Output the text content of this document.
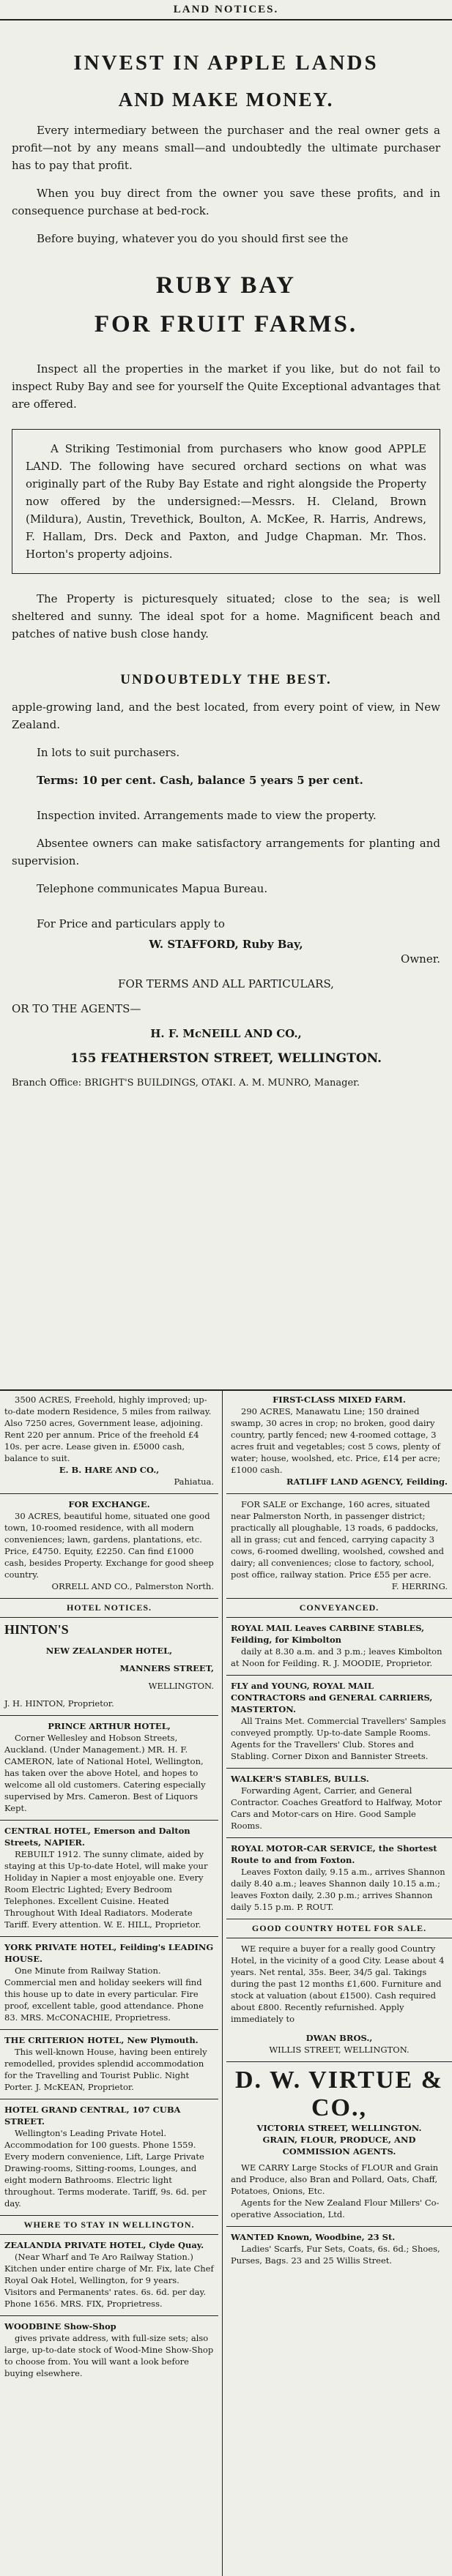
LAND NOTICES.
INVEST IN APPLE LANDS
AND MAKE MONEY.

Every intermediary between the purchaser and the real owner gets a profit—not by any means small—and undoubtedly the ultimate purchaser has to pay that profit.

When you buy direct from the owner you save these profits, and in consequence purchase at bed-rock.

Before buying, whatever you do you should first see the

RUBY BAY
FOR FRUIT FARMS.

Inspect all the properties in the market if you like, but do not fail to inspect Ruby Bay and see for yourself the Quite Exceptional advantages that are offered.

A Striking Testimonial from purchasers who know good APPLE LAND. The following have secured orchard sections on what was originally part of the Ruby Bay Estate and right alongside the Property now offered by the undersigned:—Messrs. H. Cleland, Brown (Mildura), Austin, Trevethick, Boulton, A. McKee, R. Harris, Andrews, F. Hallam, Drs. Deck and Paxton, and Judge Chapman. Mr. Thos. Horton's property adjoins.

The Property is picturesquely situated; close to the sea; is well sheltered and sunny. The ideal spot for a home. Magnificent beach and patches of native bush close handy.

UNDOUBTEDLY THE BEST.

apple-growing land, and the best located, from every point of view, in New Zealand.

In lots to suit purchasers.

Terms: 10 per cent. Cash, balance 5 years 5 per cent.

Inspection invited. Arrangements made to view the property.

Absentee owners can make satisfactory arrangements for planting and supervision.

Telephone communicates Mapua Bureau.

For Price and particulars apply to

W. STAFFORD, Ruby Bay,
Owner.
FOR TERMS AND ALL PARTICULARS,
OR TO THE AGENTS—
H. F. McNEILL AND CO.,
155 FEATHERSTON STREET, WELLINGTON.
Branch Office: BRIGHT'S BUILDINGS, OTAKI. A. M. MUNRO, Manager.
3500 ACRES, Freehold, highly improved; up-to-date modern Residence, 5 miles from railway. Also 7250 acres, Government lease, adjoining. Rent 220 per annum. Price of the freehold £4 10s. per acre. Lease given in. £5000 cash, balance to suit.
E. B. HARE AND CO.,
Pahiatua.
FOR EXCHANGE.
30 ACRES, beautiful home, situated one good town, 10-roomed residence, with all modern conveniences; lawn, gardens, plantations, etc. Price, £4750. Equity, £2250. Can find £1000 cash, besides Property. Exchange for good sheep country.
ORRELL AND CO., Palmerston North.
HOTEL NOTICES.
HINTON'S
NEW ZEALANDER HOTEL,
MANNERS STREET,
WELLINGTON.
J. H. HINTON, Proprietor.
PRINCE ARTHUR HOTEL,
Corner Wellesley and Hobson Streets, Auckland. (Under Management.) MR. H. F. CAMERON, late of National Hotel, Wellington, has taken over the above Hotel, and hopes to welcome all old customers. Catering especially supervised by Mrs. Cameron. Best of Liquors Kept.
CENTRAL HOTEL, Emerson and Dalton Streets, NAPIER.
REBUILT 1912. The sunny climate, aided by staying at this Up-to-date Hotel, will make your Holiday in Napier a most enjoyable one. Every Room Electric Lighted; Every Bedroom Telephones. Excellent Cuisine. Heated Throughout With Ideal Radiators. Moderate Tariff. Every attention. W. E. HILL, Proprietor.
YORK PRIVATE HOTEL, Feilding's LEADING HOUSE.
One Minute from Railway Station. Commercial men and holiday seekers will find this house up to date in every particular. Fire proof, excellent table, good attendance. Phone 83. MRS. McCONACHIE, Proprietress.
THE CRITERION HOTEL, New Plymouth.
This well-known House, having been entirely remodelled, provides splendid accommodation for the Travelling and Tourist Public. Night Porter. J. McKEAN, Proprietor.
HOTEL GRAND CENTRAL, 107 CUBA STREET.
Wellington's Leading Private Hotel. Accommodation for 100 guests. Phone 1559. Every modern convenience, Lift, Large Private Drawing-rooms, Sitting-rooms, Lounges, and eight modern Bathrooms. Electric light throughout. Terms moderate. Tariff, 9s. 6d. per day.
WHERE TO STAY IN WELLINGTON.
ZEALANDIA PRIVATE HOTEL, Clyde Quay.
(Near Wharf and Te Aro Railway Station.) Kitchen under entire charge of Mr. Fix, late Chef Royal Oak Hotel, Wellington, for 9 years. Visitors and Permanents' rates. 6s. 6d. per day. Phone 1656. MRS. FIX, Proprietress.
WOODBINE Show-Shop
gives private address, with full-size sets; also large, up-to-date stock of Wood-Mine Show-Shop to choose from. You will want a look before buying elsewhere.
FIRST-CLASS MIXED FARM.
290 ACRES, Manawatu Line; 150 drained swamp, 30 acres in crop; no broken, good dairy country, partly fenced; new 4-roomed cottage, 3 acres fruit and vegetables; cost 5 cows, plenty of water; house, woolshed, etc. Price, £14 per acre; £1000 cash.
RATLIFF LAND AGENCY, Feilding.
FOR SALE or Exchange, 160 acres, situated near Palmerston North, in passenger district; practically all ploughable, 13 roads, 6 paddocks, all in grass; cut and fenced, carrying capacity 3 cows, 6-roomed dwelling, woolshed, cowshed and dairy; all conveniences; close to factory, school, post office, railway station. Price £55 per acre.
F. HERRING.
CONVEYANCED.
ROYAL MAIL Leaves CARBINE STABLES, Feilding, for Kimbolton
daily at 8.30 a.m. and 3 p.m.; leaves Kimbolton at Noon for Feilding. R. J. MOODIE, Proprietor.
FLY and YOUNG, ROYAL MAIL CONTRACTORS and GENERAL CARRIERS, MASTERTON.
All Trains Met. Commercial Travellers' Samples conveyed promptly. Up-to-date Sample Rooms. Agents for the Travellers' Club. Stores and Stabling. Corner Dixon and Bannister Streets.
WALKER'S STABLES, BULLS.
Forwarding Agent, Carrier, and General Contractor. Coaches Greatford to Halfway, Motor Cars and Motor-cars on Hire. Good Sample Rooms.
ROYAL MOTOR-CAR SERVICE, the Shortest Route to and from Foxton.
Leaves Foxton daily, 9.15 a.m., arrives Shannon daily 8.40 a.m.; leaves Shannon daily 10.15 a.m.; leaves Foxton daily, 2.30 p.m.; arrives Shannon daily 5.15 p.m. P. ROUT.
GOOD COUNTRY HOTEL FOR SALE.
WE require a buyer for a really good Country Hotel, in the vicinity of a good City. Lease about 4 years. Net rental, 35s. Beer, 34/5 gal. Takings during the past 12 months £1,600. Furniture and stock at valuation (about £1500). Cash required about £800. Recently refurnished. Apply immediately to
DWAN BROS.,
WILLIS STREET, WELLINGTON.
D. W. VIRTUE & CO.,
VICTORIA STREET, WELLINGTON.
GRAIN, FLOUR, PRODUCE, AND COMMISSION AGENTS.
WE CARRY Large Stocks of FLOUR and Grain and Produce, also Bran and Pollard, Oats, Chaff, Potatoes, Onions, Etc.
Agents for the New Zealand Flour Millers' Co-operative Association, Ltd.
WANTED Known, Woodbine, 23 St.
Ladies' Scarfs, Fur Sets, Coats, 6s. 6d.; Shoes, Purses, Bags. 23 and 25 Willis Street.
